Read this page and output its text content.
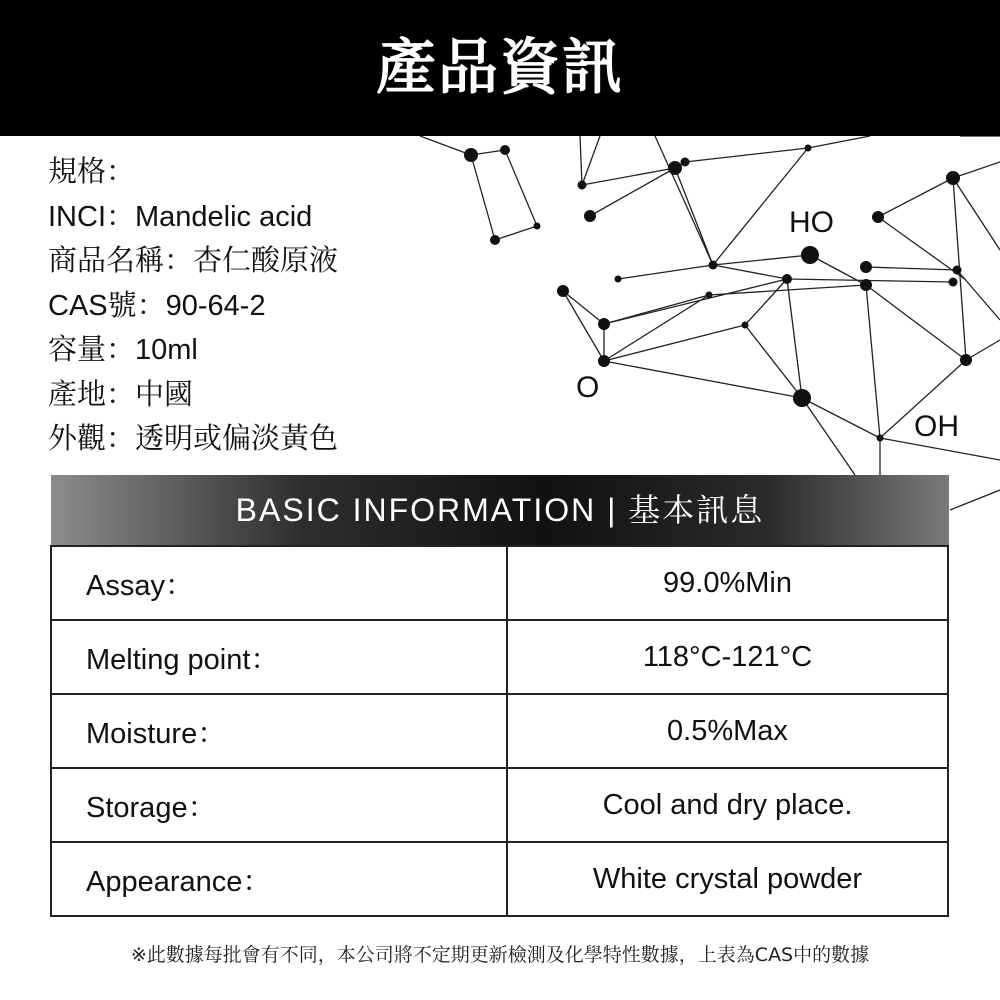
產品資訊
HO
O
OH
規格：
INCI：Mandelic acid
商品名稱：杏仁酸原液
CAS號：90-64-2
容量：10ml
產地：中國
外觀：透明或偏淡黃色
BASIC INFORMATION | 基本訊息
Assay：	99.0%Min
Melting point：	118°C-121°C
Moisture：	0.5%Max
Storage：	Cool and dry place.
Appearance：	White crystal powder
※此數據每批會有不同，本公司將不定期更新檢測及化學特性數據，上表為CAS中的數據
